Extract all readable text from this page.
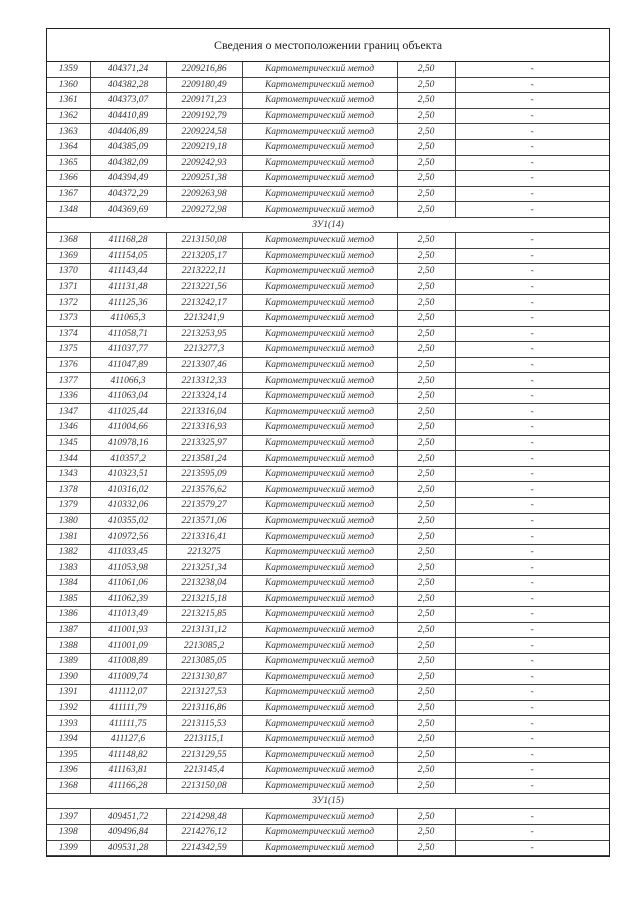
Сведения о местоположении границ объекта
1359	404371,24	2209216,86	Картометрический метод	2,50	-
1360	404382,28	2209180,49	Картометрический метод	2,50	-
1361	404373,07	2209171,23	Картометрический метод	2,50	-
1362	404410,89	2209192,79	Картометрический метод	2,50	-
1363	404406,89	2209224,58	Картометрический метод	2,50	-
1364	404385,09	2209219,18	Картометрический метод	2,50	-
1365	404382,09	2209242,93	Картометрический метод	2,50	-
1366	404394,49	2209251,38	Картометрический метод	2,50	-
1367	404372,29	2209263,98	Картометрический метод	2,50	-
1348	404369,69	2209272,98	Картометрический метод	2,50	-
ЗУ1(14)					
1368	411168,28	2213150,08	Картометрический метод	2,50	-
1369	411154,05	2213205,17	Картометрический метод	2,50	-
1370	411143,44	2213222,11	Картометрический метод	2,50	-
1371	411131,48	2213221,56	Картометрический метод	2,50	-
1372	411125,36	2213242,17	Картометрический метод	2,50	-
1373	411065,3	2213241,9	Картометрический метод	2,50	-
1374	411058,71	2213253,95	Картометрический метод	2,50	-
1375	411037,77	2213277,3	Картометрический метод	2,50	-
1376	411047,89	2213307,46	Картометрический метод	2,50	-
1377	411066,3	2213312,33	Картометрический метод	2,50	-
1336	411063,04	2213324,14	Картометрический метод	2,50	-
1347	411025,44	2213316,04	Картометрический метод	2,50	-
1346	411004,66	2213316,93	Картометрический метод	2,50	-
1345	410978,16	2213325,97	Картометрический метод	2,50	-
1344	410357,2	2213581,24	Картометрический метод	2,50	-
1343	410323,51	2213595,09	Картометрический метод	2,50	-
1378	410316,02	2213576,62	Картометрический метод	2,50	-
1379	410332,06	2213579,27	Картометрический метод	2,50	-
1380	410355,02	2213571,06	Картометрический метод	2,50	-
1381	410972,56	2213316,41	Картометрический метод	2,50	-
1382	411033,45	2213275	Картометрический метод	2,50	-
1383	411053,98	2213251,34	Картометрический метод	2,50	-
1384	411061,06	2213238,04	Картометрический метод	2,50	-
1385	411062,39	2213215,18	Картометрический метод	2,50	-
1386	411013,49	2213215,85	Картометрический метод	2,50	-
1387	411001,93	2213131,12	Картометрический метод	2,50	-
1388	411001,09	2213085,2	Картометрический метод	2,50	-
1389	411008,89	2213085,05	Картометрический метод	2,50	-
1390	411009,74	2213130,87	Картометрический метод	2,50	-
1391	411112,07	2213127,53	Картометрический метод	2,50	-
1392	411111,79	2213116,86	Картометрический метод	2,50	-
1393	411111,75	2213115,53	Картометрический метод	2,50	-
1394	411127,6	2213115,1	Картометрический метод	2,50	-
1395	411148,82	2213129,55	Картометрический метод	2,50	-
1396	411163,81	2213145,4	Картометрический метод	2,50	-
1368	411166,28	2213150,08	Картометрический метод	2,50	-
ЗУ1(15)					
1397	409451,72	2214298,48	Картометрический метод	2,50	-
1398	409496,84	2214276,12	Картометрический метод	2,50	-
1399	409531,28	2214342,59	Картометрический метод	2,50	-
